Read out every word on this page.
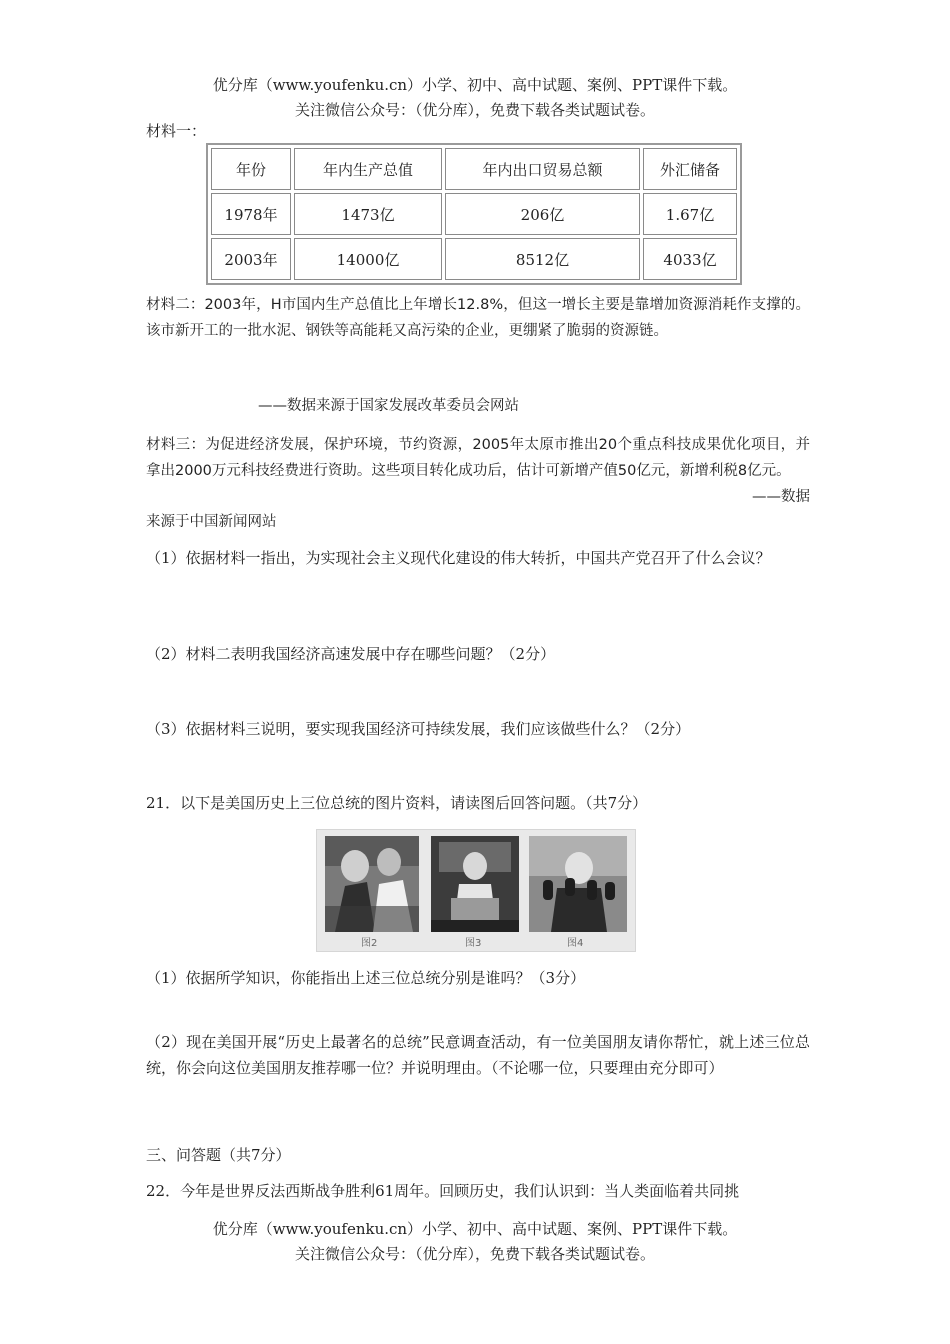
优分库（www.youfenku.cn）小学、初中、高中试题、案例、PPT课件下载。
关注微信公众号：（优分库），免费下载各类试题试卷。
材料一：
年份	年内生产总值	年内出口贸易总额	外汇储备
1978年	1473亿	206亿	1.67亿
2003年	14000亿	8512亿	4033亿

材料二：2003年，H市国内生产总值比上年增长12.8%，但这一增长主要是靠增加资源消耗作支撑的。该市新开工的一批水泥、钢铁等高能耗又高污染的企业，更绷紧了脆弱的资源链。

——数据来源于国家发展改革委员会网站

材料三：为促进经济发展，保护环境，节约资源，2005年太原市推出20个重点科技成果优化项目，并拿出2000万元科技经费进行资助。这些项目转化成功后，估计可新增产值50亿元，新增利税8亿元。

——数据
来源于中国新闻网站

（1）依据材料一指出，为实现社会主义现代化建设的伟大转折，中国共产党召开了什么会议？

（2）材料二表明我国经济高速发展中存在哪些问题？（2分）

（3）依据材料三说明，要实现我国经济可持续发展，我们应该做些什么？（2分）

21．以下是美国历史上三位总统的图片资料，请读图后回答问题。（共7分）

图2	图3	图4

（1）依据所学知识，你能指出上述三位总统分别是谁吗？（3分）

（2）现在美国开展“历史上最著名的总统”民意调查活动，有一位美国朋友请你帮忙，就上述三位总统，你会向这位美国朋友推荐哪一位？并说明理由。（不论哪一位，只要理由充分即可）

三、问答题（共7分）

22．今年是世界反法西斯战争胜利61周年。回顾历史，我们认识到：当人类面临着共同挑

优分库（www.youfenku.cn）小学、初中、高中试题、案例、PPT课件下载。
关注微信公众号：（优分库），免费下载各类试题试卷。
